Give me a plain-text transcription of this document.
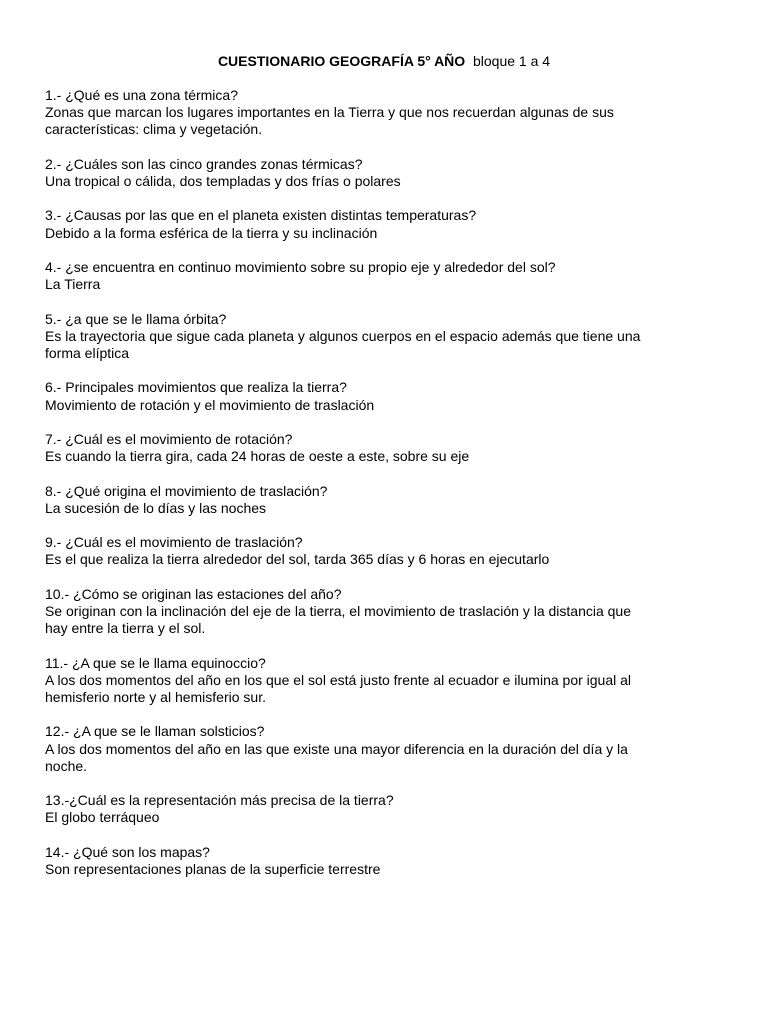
CUESTIONARIO GEOGRAFÍA 5° AÑO bloque 1 a 4
1.- ¿Qué es una zona térmica?
Zonas que marcan los lugares importantes en la Tierra y que nos recuerdan algunas de sus
características: clima y vegetación.
2.- ¿Cuáles son las cinco grandes zonas térmicas?
Una tropical o cálida, dos templadas y dos frías o polares
3.- ¿Causas por las que en el planeta existen distintas temperaturas?
Debido a la forma esférica de la tierra y su inclinación
4.- ¿se encuentra en continuo movimiento sobre su propio eje y alrededor del sol?
La Tierra
5.- ¿a que se le llama órbita?
Es la trayectoria que sigue cada planeta y algunos cuerpos en el espacio además que tiene una
forma elíptica
6.- Principales movimientos que realiza la tierra?
Movimiento de rotación y el movimiento de traslación
7.- ¿Cuál es el movimiento de rotación?
Es cuando la tierra gira, cada 24 horas de oeste a este, sobre su eje
8.- ¿Qué origina el movimiento de traslación?
La sucesión de lo días y las noches
9.- ¿Cuál es el movimiento de traslación?
Es el que realiza la tierra alrededor del sol, tarda 365 días y 6 horas en ejecutarlo
10.- ¿Cómo se originan las estaciones del año?
Se originan con la inclinación del eje de la tierra, el movimiento de traslación y la distancia que
hay entre la tierra y el sol.
11.- ¿A que se le llama equinoccio?
A los dos momentos del año en los que el sol está justo frente al ecuador e ilumina por igual al
hemisferio norte y al hemisferio sur.
12.- ¿A que se le llaman solsticios?
A los dos momentos del año en las que existe una mayor diferencia en la duración del día y la
noche.
13.-¿Cuál es la representación más precisa de la tierra?
El globo terráqueo
14.- ¿Qué son los mapas?
Son representaciones planas de la superficie terrestre
